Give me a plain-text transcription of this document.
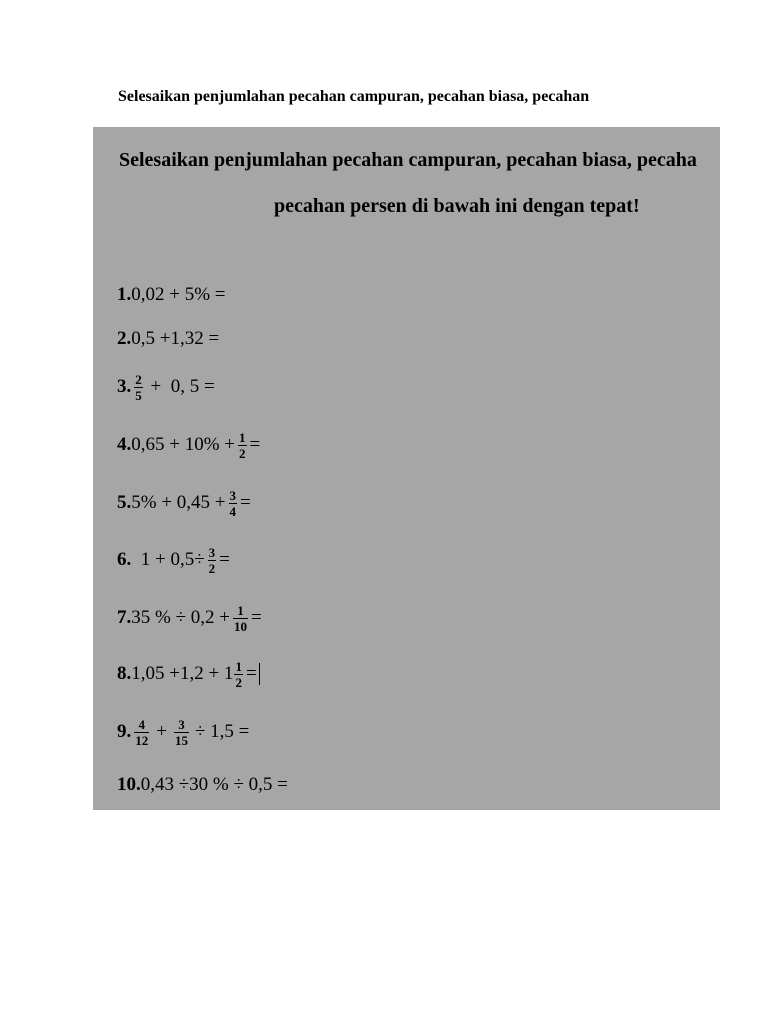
Selesaikan penjumlahan pecahan campuran, pecahan biasa, pecahan
Selesaikan penjumlahan pecahan campuran, pecahan biasa, pecaha
pecahan persen di bawah ini dengan tepat!
1. 0,02 + 5% =
2. 0,5 +1,32 =
3. $\frac{2}{5} + 0$, 5 =
4. $0,65 + 10\% + \frac{1}{2}$ =
5. $5\% + 0,45 + \frac{3}{4}$ =
6. $1 + 0,5\div \frac{3}{2}$ =
7. 35 % ÷ $0,2 + \frac{1}{10}$ =
8. $1,05 +1,2 + 1 \frac{1}{2}$ =
9. $\frac{4}{12} + \frac{3}{15} \div 1,5$ =
10. 0,43 ÷30 % ÷ 0,5 =
